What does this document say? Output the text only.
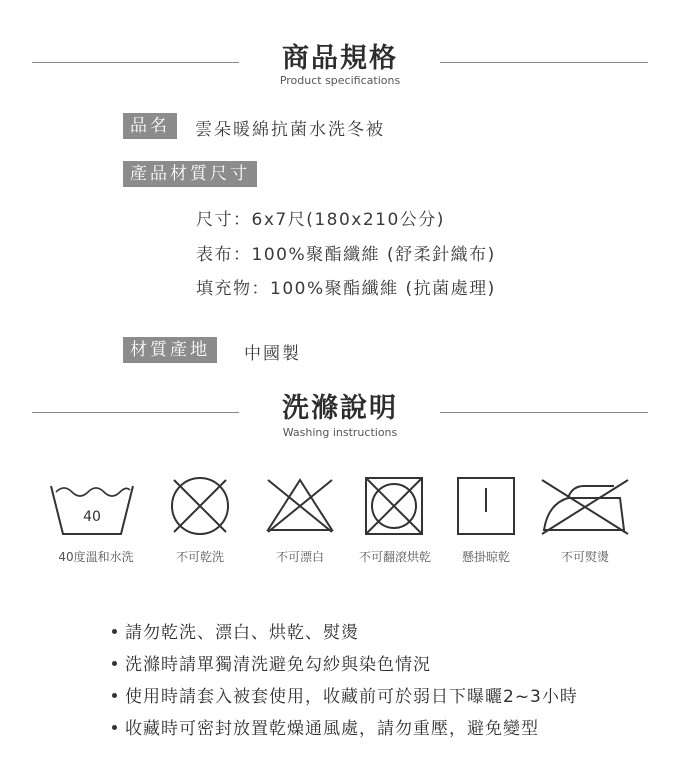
商品規格
Product specifications
品名	雲朵暖綿抗菌水洗冬被
產品材質尺寸
尺寸：6x7尺(180x210公分)
表布：100%聚酯纖維 (舒柔針織布)
填充物：100%聚酯纖維 (抗菌處理)
材質產地	中國製
洗滌說明
Washing instructions
40
40度溫和水洗	不可乾洗	不可漂白	不可翻滾烘乾	懸掛晾乾	不可熨燙
請勿乾洗、漂白、烘乾、熨燙
洗滌時請單獨清洗避免勾紗與染色情況
使用時請套入被套使用，收藏前可於弱日下曝曬2~3小時
收藏時可密封放置乾燥通風處，請勿重壓，避免變型
